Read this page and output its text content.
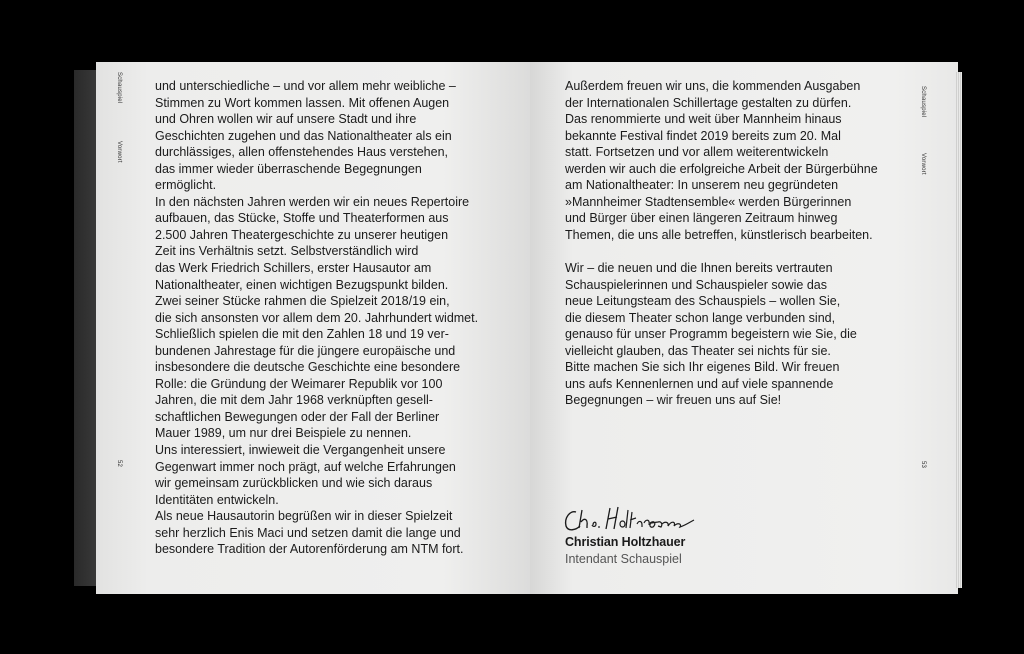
Schauspiel
Vorwort
52
Schauspiel
Vorwort
53
und unterschiedliche – und vor allem mehr weibliche –
Stimmen zu Wort kommen lassen. Mit offenen Augen
und Ohren wollen wir auf unsere Stadt und ihre
Geschichten zugehen und das Nationaltheater als ein
durchlässiges, allen offenstehendes Haus verstehen,
das immer wieder überraschende Begegnungen
ermöglicht.
In den nächsten Jahren werden wir ein neues Repertoire
aufbauen, das Stücke, Stoffe und Theaterformen aus
2.500 Jahren Theatergeschichte zu unserer heutigen
Zeit ins Verhältnis setzt. Selbstverständlich wird
das Werk Friedrich Schillers, erster Hausautor am
Nationaltheater, einen wichtigen Bezugspunkt bilden.
Zwei seiner Stücke rahmen die Spielzeit 2018/19 ein,
die sich ansonsten vor allem dem 20. Jahrhundert widmet.
Schließlich spielen die mit den Zahlen 18 und 19 ver-
bundenen Jahrestage für die jüngere europäische und
insbesondere die deutsche Geschichte eine besondere
Rolle: die Gründung der Weimarer Republik vor 100
Jahren, die mit dem Jahr 1968 verknüpften gesell-
schaftlichen Bewegungen oder der Fall der Berliner
Mauer 1989, um nur drei Beispiele zu nennen.
Uns interessiert, inwieweit die Vergangenheit unsere
Gegenwart immer noch prägt, auf welche Erfahrungen
wir gemeinsam zurückblicken und wie sich daraus
Identitäten entwickeln.
Als neue Hausautorin begrüßen wir in dieser Spielzeit
sehr herzlich Enis Maci und setzen damit die lange und
besondere Tradition der Autorenförderung am NTM fort.
Außerdem freuen wir uns, die kommenden Ausgaben
der Internationalen Schillertage gestalten zu dürfen.
Das renommierte und weit über Mannheim hinaus
bekannte Festival findet 2019 bereits zum 20. Mal
statt. Fortsetzen und vor allem weiterentwickeln
werden wir auch die erfolgreiche Arbeit der Bürgerbühne
am Nationaltheater: In unserem neu gegründeten
»Mannheimer Stadtensemble« werden Bürgerinnen
und Bürger über einen längeren Zeitraum hinweg
Themen, die uns alle betreffen, künstlerisch bearbeiten.
Wir – die neuen und die Ihnen bereits vertrauten
Schauspielerinnen und Schauspieler sowie das
neue Leitungsteam des Schauspiels – wollen Sie,
die diesem Theater schon lange verbunden sind,
genauso für unser Programm begeistern wie Sie, die
vielleicht glauben, das Theater sei nichts für sie.
Bitte machen Sie sich Ihr eigenes Bild. Wir freuen
uns aufs Kennenlernen und auf viele spannende
Begegnungen – wir freuen uns auf Sie!
Christian Holtzhauer
Intendant Schauspiel
